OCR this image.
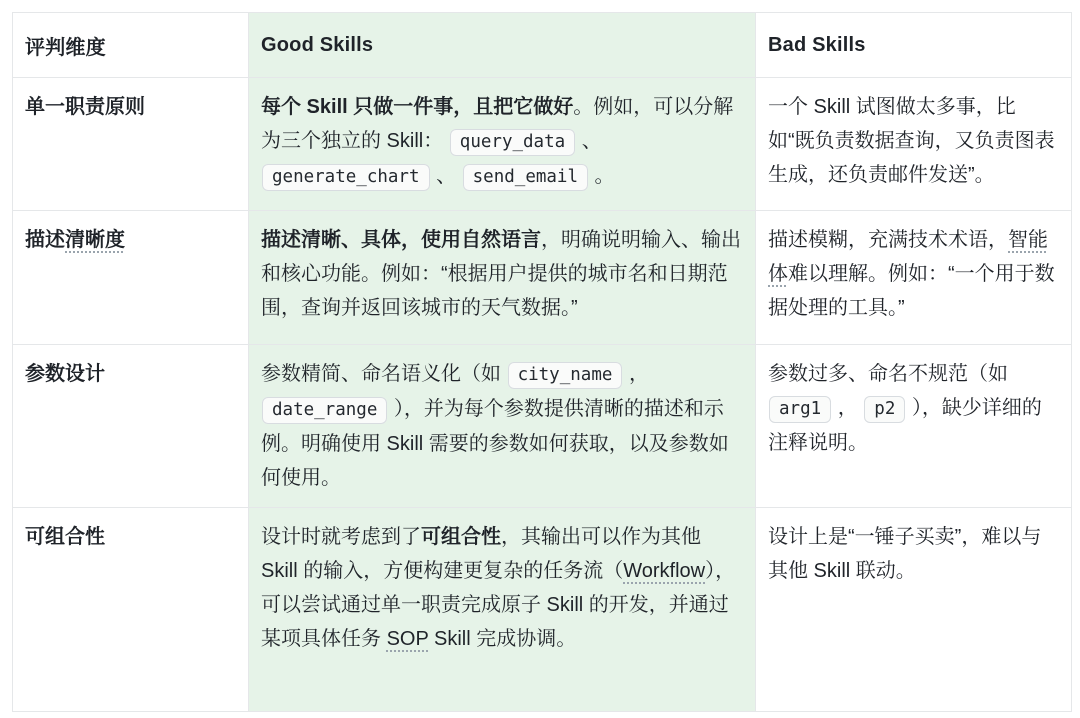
评判维度	Good Skills	Bad Skills
单一职责原则	每个 Skill 只做一件事，且把它做好。例如，可以分解为三个独立的 Skill： query_data 、 generate_chart 、 send_email 。	一个 Skill 试图做太多事，比如“既负责数据查询，又负责图表生成，还负责邮件发送”。
描述清晰度	描述清晰、具体，使用自然语言，明确说明输入、输出和核心功能。例如：“根据用户提供的城市名和日期范围，查询并返回该城市的天气数据。”	描述模糊，充满技术术语，智能体难以理解。例如：“一个用于数据处理的工具。”
参数设计	参数精简、命名语义化（如 city_name ， date_range ），并为每个参数提供清晰的描述和示例。明确使用 Skill 需要的参数如何获取，以及参数如何使用。	参数过多、命名不规范（如 arg1 ， p2 ），缺少详细的注释说明。
可组合性	设计时就考虑到了可组合性，其输出可以作为其他 Skill 的输入，方便构建更复杂的任务流（Workflow），可以尝试通过单一职责完成原子 Skill 的开发，并通过某项具体任务 SOP Skill 完成协调。	设计上是“一锤子买卖”，难以与其他 Skill 联动。
